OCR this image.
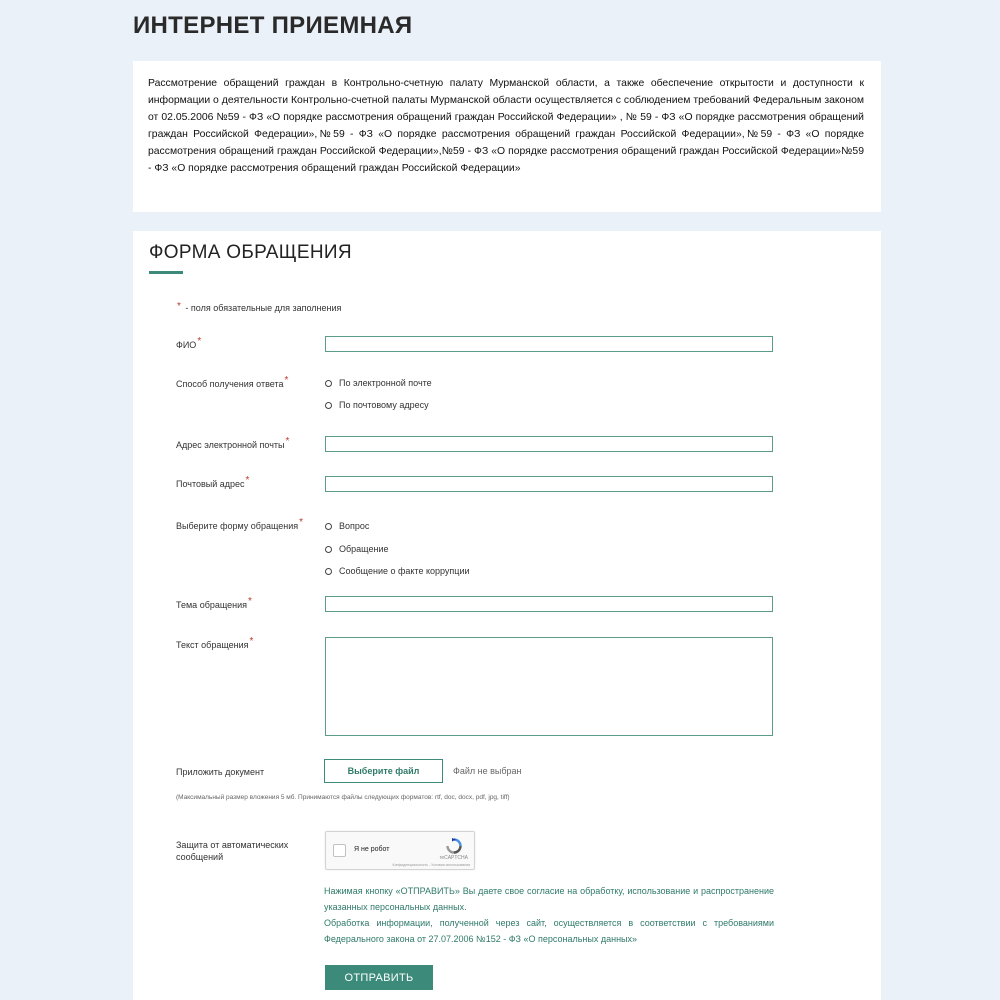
ИНТЕРНЕТ ПРИЕМНАЯ
Рассмотрение обращений граждан в Контрольно-счетную палату Мурманской области, а также обеспечение открытости и доступности к информации о деятельности Контрольно-счетной палаты Мурманской области осуществляется с соблюдением требований Федеральным законом от 02.05.2006 №59 - ФЗ «О порядке рассмотрения обращений граждан Российской Федерации» , № 59 - ФЗ «О порядке рассмотрения обращений граждан Российской Федерации»,№59 - ФЗ «О порядке рассмотрения обращений граждан Российской Федерации»,№59 - ФЗ «О порядке рассмотрения обращений граждан Российской Федерации»,№59 - ФЗ «О порядке рассмотрения обращений граждан Российской Федерации»№59 - ФЗ «О порядке рассмотрения обращений граждан Российской Федерации»
ФОРМА ОБРАЩЕНИЯ
* - поля обязательные для заполнения
ФИО*
Способ получения ответа*	По электронной почте
По почтовому адресу
Адрес электронной почты*
Почтовый адрес*
Выберите форму обращения*	Вопрос
Обращение
Сообщение о факте коррупции
Тема обращения*
Текст обращения*
Приложить документ	Выберите файл	Файл не выбран
(Максимальный размер вложения 5 мб. Принимаются файлы следующих форматов: rtf, doc, docx, pdf, jpg, tiff)
Защита от автоматических сообщений
Я не робот
reCAPTCHA
Конфиденциальность - Условия использования
Нажимая кнопку «ОТПРАВИТЬ» Вы даете свое согласие на обработку, использование и распространение указанных персональных данных.
Обработка информации, полученной через сайт, осуществляется в соответствии с требованиями Федерального закона от 27.07.2006 №152 - ФЗ «О персональных данных»
ОТПРАВИТЬ
